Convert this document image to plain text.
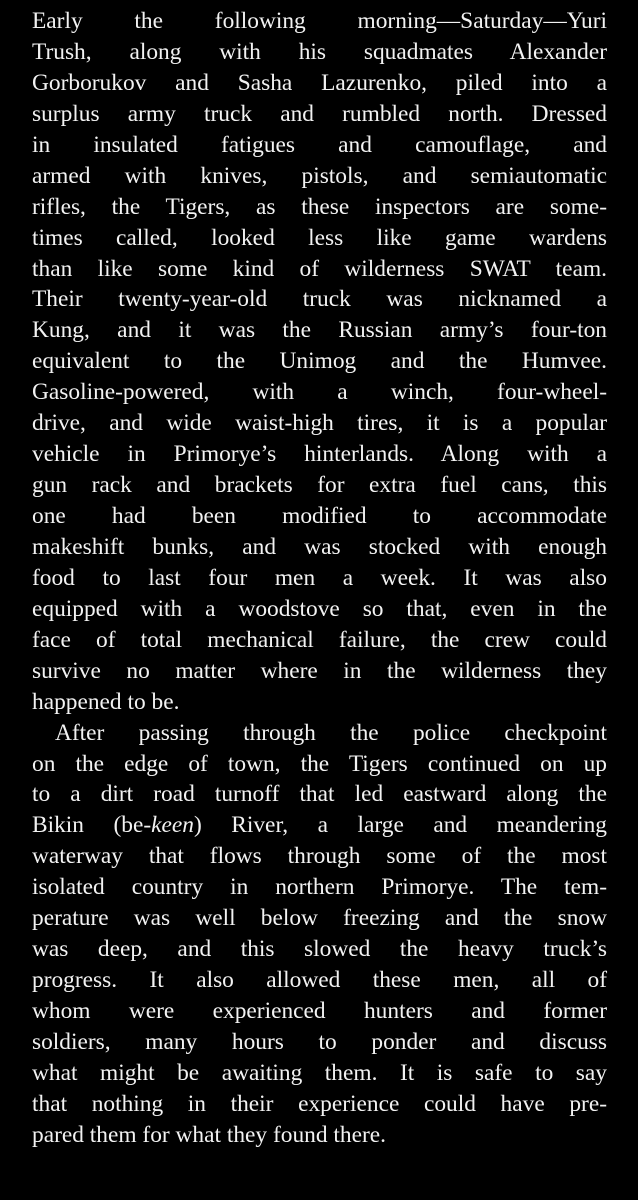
Early the following morning—Saturday—Yuri
Trush, along with his squadmates Alexander
Gorborukov and Sasha Lazurenko, piled into a
surplus army truck and rumbled north. Dressed
in insulated fatigues and camouflage, and
armed with knives, pistols, and semiautomatic
rifles, the Tigers, as these inspectors are some-
times called, looked less like game wardens
than like some kind of wilderness SWAT team.
Their twenty-year-old truck was nicknamed a
Kung, and it was the Russian army’s four-ton
equivalent to the Unimog and the Humvee.
Gasoline-powered, with a winch, four-wheel-
drive, and wide waist-high tires, it is a popular
vehicle in Primorye’s hinterlands. Along with a
gun rack and brackets for extra fuel cans, this
one had been modified to accommodate
makeshift bunks, and was stocked with enough
food to last four men a week. It was also
equipped with a woodstove so that, even in the
face of total mechanical failure, the crew could
survive no matter where in the wilderness they
happened to be.
After passing through the police checkpoint
on the edge of town, the Tigers continued on up
to a dirt road turnoff that led eastward along the
Bikin (be-keen) River, a large and meandering
waterway that flows through some of the most
isolated country in northern Primorye. The tem-
perature was well below freezing and the snow
was deep, and this slowed the heavy truck’s
progress. It also allowed these men, all of
whom were experienced hunters and former
soldiers, many hours to ponder and discuss
what might be awaiting them. It is safe to say
that nothing in their experience could have pre-
pared them for what they found there.
